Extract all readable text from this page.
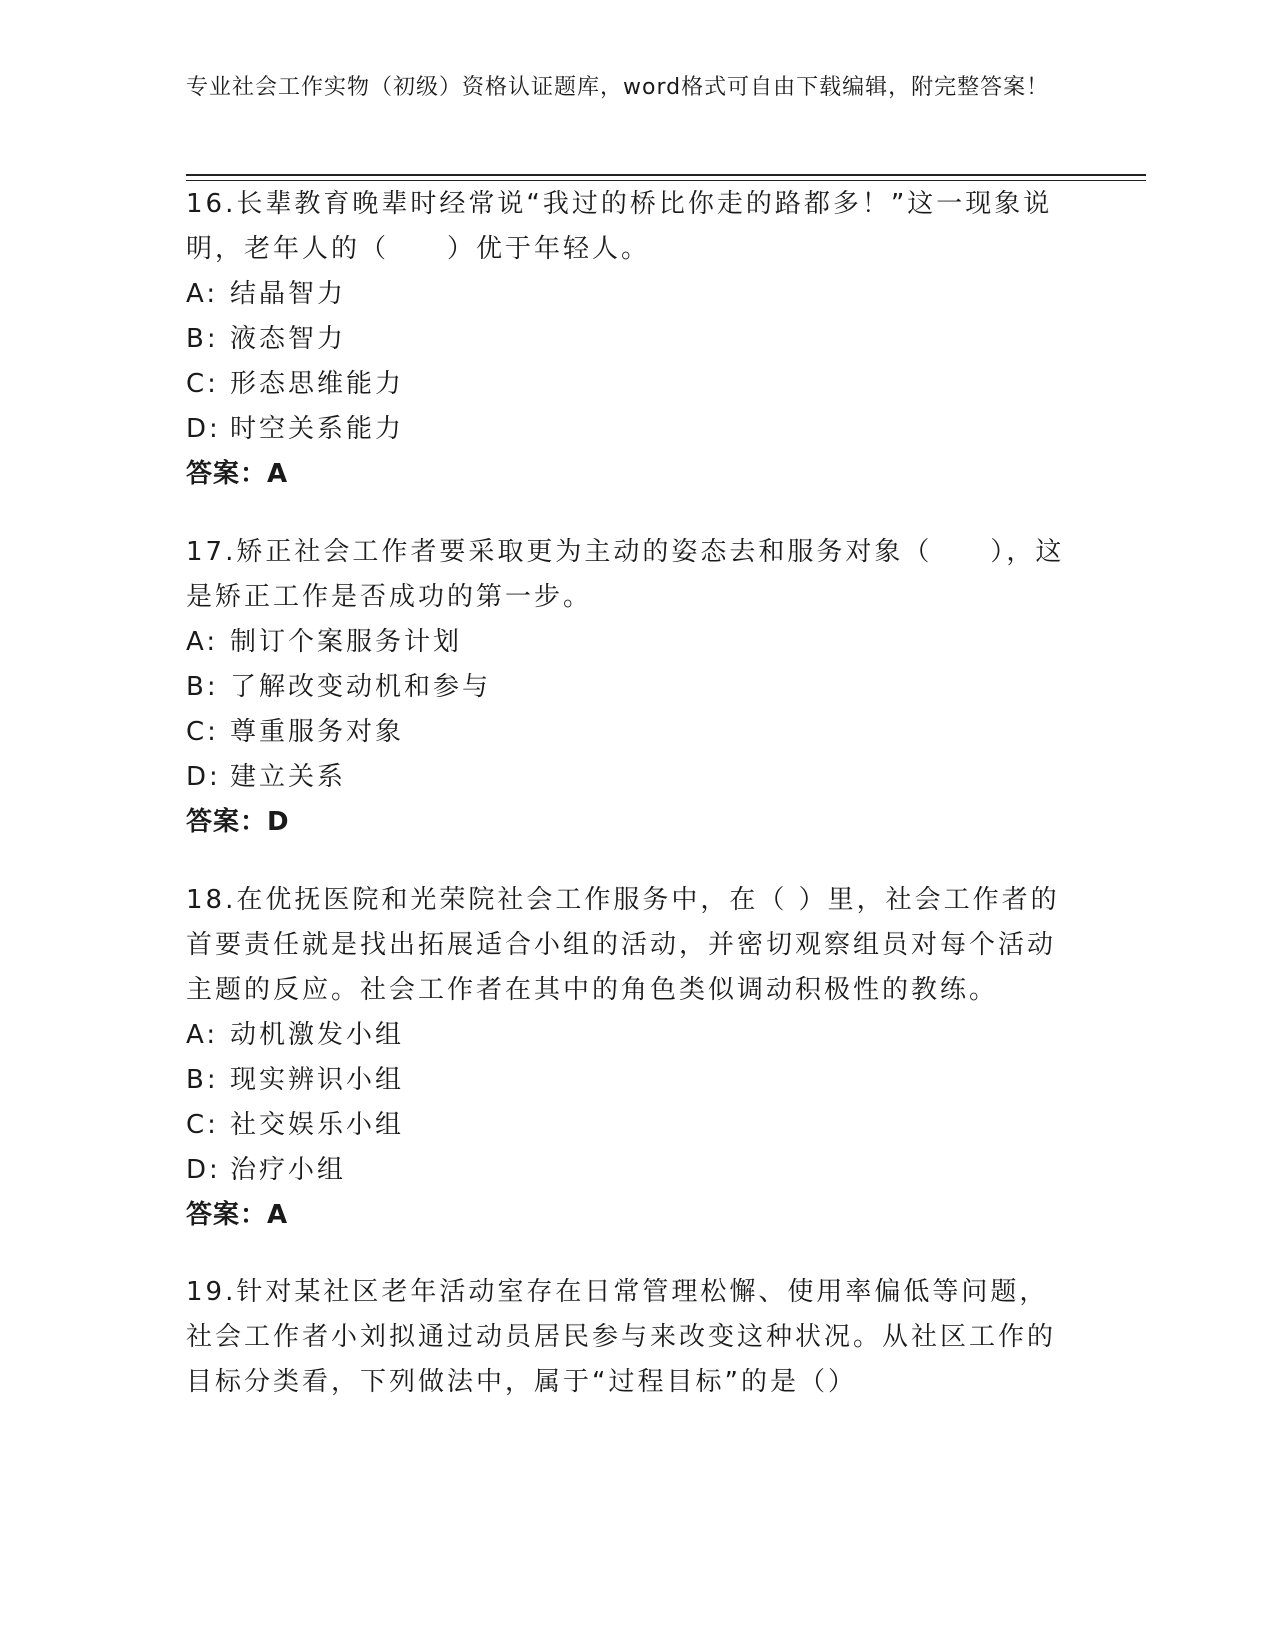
专业社会工作实物（初级）资格认证题库，word格式可自由下载编辑，附完整答案！

16.长辈教育晚辈时经常说“我过的桥比你走的路都多！”这一现象说明，老年人的（　　）优于年轻人。

A: 结晶智力
B: 液态智力
C: 形态思维能力
D: 时空关系能力
答案：A

17.矫正社会工作者要采取更为主动的姿态去和服务对象（　　），这是矫正工作是否成功的第一步。

A: 制订个案服务计划
B: 了解改变动机和参与
C: 尊重服务对象
D: 建立关系
答案：D

18.在优抚医院和光荣院社会工作服务中，在（ ）里，社会工作者的首要责任就是找出拓展适合小组的活动，并密切观察组员对每个活动主题的反应。社会工作者在其中的角色类似调动积极性的教练。

A: 动机激发小组
B: 现实辨识小组
C: 社交娱乐小组
D: 治疗小组
答案：A

19.针对某社区老年活动室存在日常管理松懈、使用率偏低等问题，社会工作者小刘拟通过动员居民参与来改变这种状况。从社区工作的目标分类看，下列做法中，属于“过程目标”的是（）
